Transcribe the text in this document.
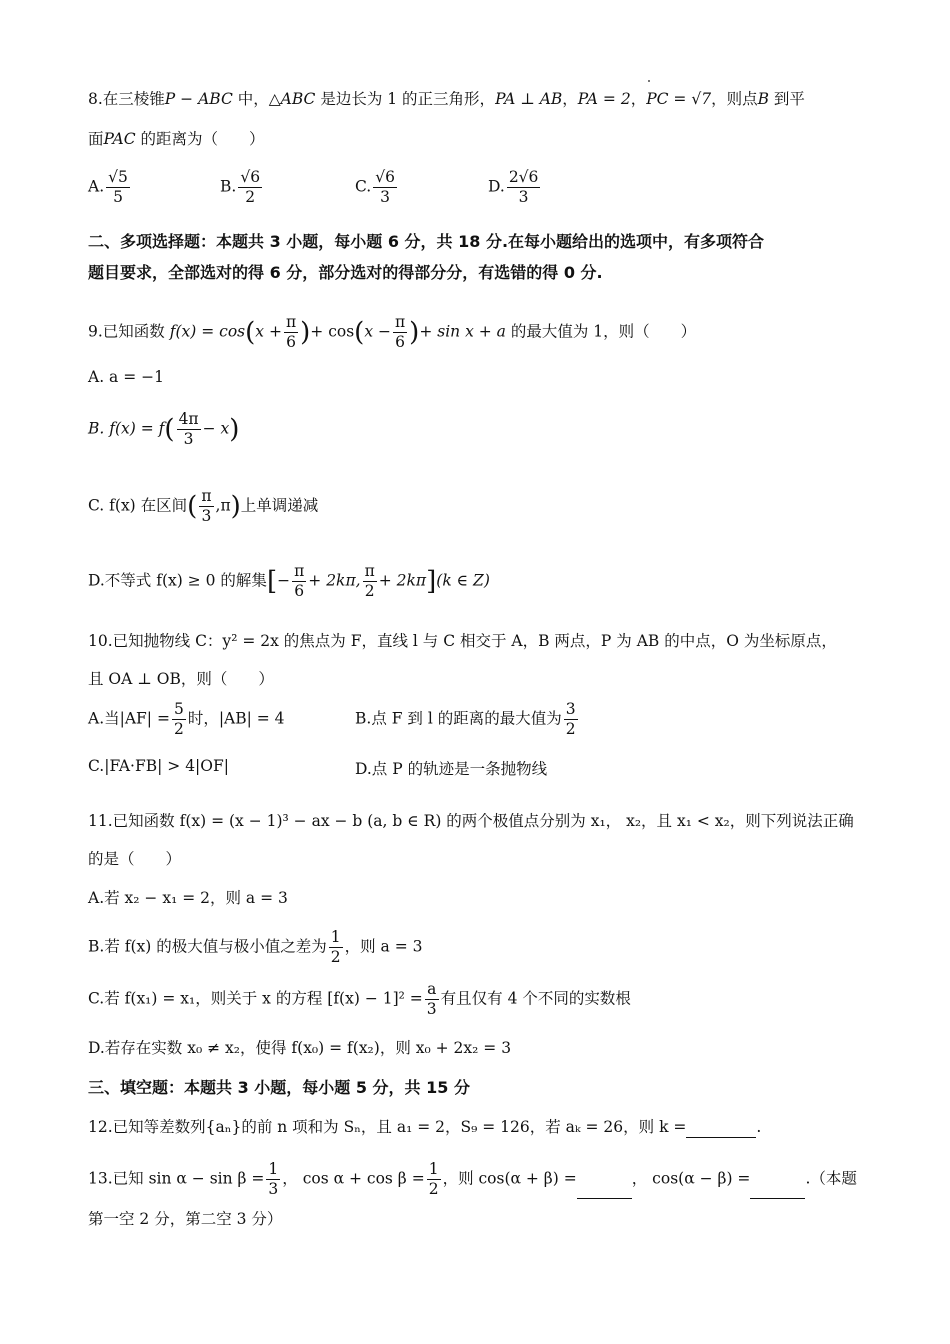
8.在三棱锥P − ABC 中，△ABC 是边长为 1 的正三角形，PA ⊥ AB，PA = 2，PC = √7，则点B 到平
面PAC 的距离为（　　）
A. $\frac{√5}{5}$	B. $\frac{√6}{2}$	C. $\frac{√6}{3}$	D. $\frac{2√6}{3}$
二、多项选择题：本题共 3 小题，每小题 6 分，共 18 分.在每小题给出的选项中，有多项符合
题目要求，全部选对的得 6 分，部分选对的得部分分，有选错的得 0 分.
9.已知函数 $f(x) = \cos(x + \frac{\pi}{6}$ )+ $\cos(x - \frac{\pi}{6}$ )+ sin x + a 的最大值为 1，则（　　）
A. a = −1
B. $f(x) = f( \frac{4\pi}{3} - x)$
C. f(x) 在区间( $\frac{\pi}{3} ,\pi$)上单调递减
D.不等式 f(x) ≥ 0 的解集[− $\frac{\pi}{6} + 2k\pi$, $\frac{\pi}{2} + 2k\pi](k$ ∈ Z)
10.已知抛物线 C：y² = 2x 的焦点为 F，直线 l 与 C 相交于 A，B 两点，P 为 AB 的中点，O 为坐标原点，
且 OA ⊥ OB，则（　　）
A.当$|AF| = \frac{5}{2}$ 时，|AB| = 4	B.点 F 到 l 的距离的最大值为 $\frac{3}{2}$
C.|FA·FB| > 4|OF|	D.点 P 的轨迹是一条抛物线
11.已知函数 f(x) = (x − 1)³ − ax − b (a, b ∈ R) 的两个极值点分别为 x₁， x₂，且 x₁ < x₂，则下列说法正确
的是（　　）
A.若 x₂ − x₁ = 2，则 a = 3
B.若 f(x) 的极大值与极小值之差为 $\frac{1}{2}$ ，则 a = 3
C.若 f(x₁) = x₁，则关于 x 的方程 $[f(x) - 1]^2 = \frac{a}{3}$ 有且仅有 4 个不同的实数根
D.若存在实数 x₀ ≠ x₂，使得 f(x₀) = f(x₂)，则 x₀ + 2x₂ = 3
三、填空题：本题共 3 小题，每小题 5 分，共 15 分
12.已知等差数列{aₙ}的前 n 项和为 Sₙ，且 a₁ = 2，S₉ = 126，若 aₖ = 26，则 k =	.
13.已知 $\sin \alpha - \sin \beta = \frac{1}{3}$ ， $\cos \alpha + \cos \beta = \frac{1}{2}$ ，则 cos(α + β) =	， cos(α − β) =	.（本题
第一空 2 分，第二空 3 分）
